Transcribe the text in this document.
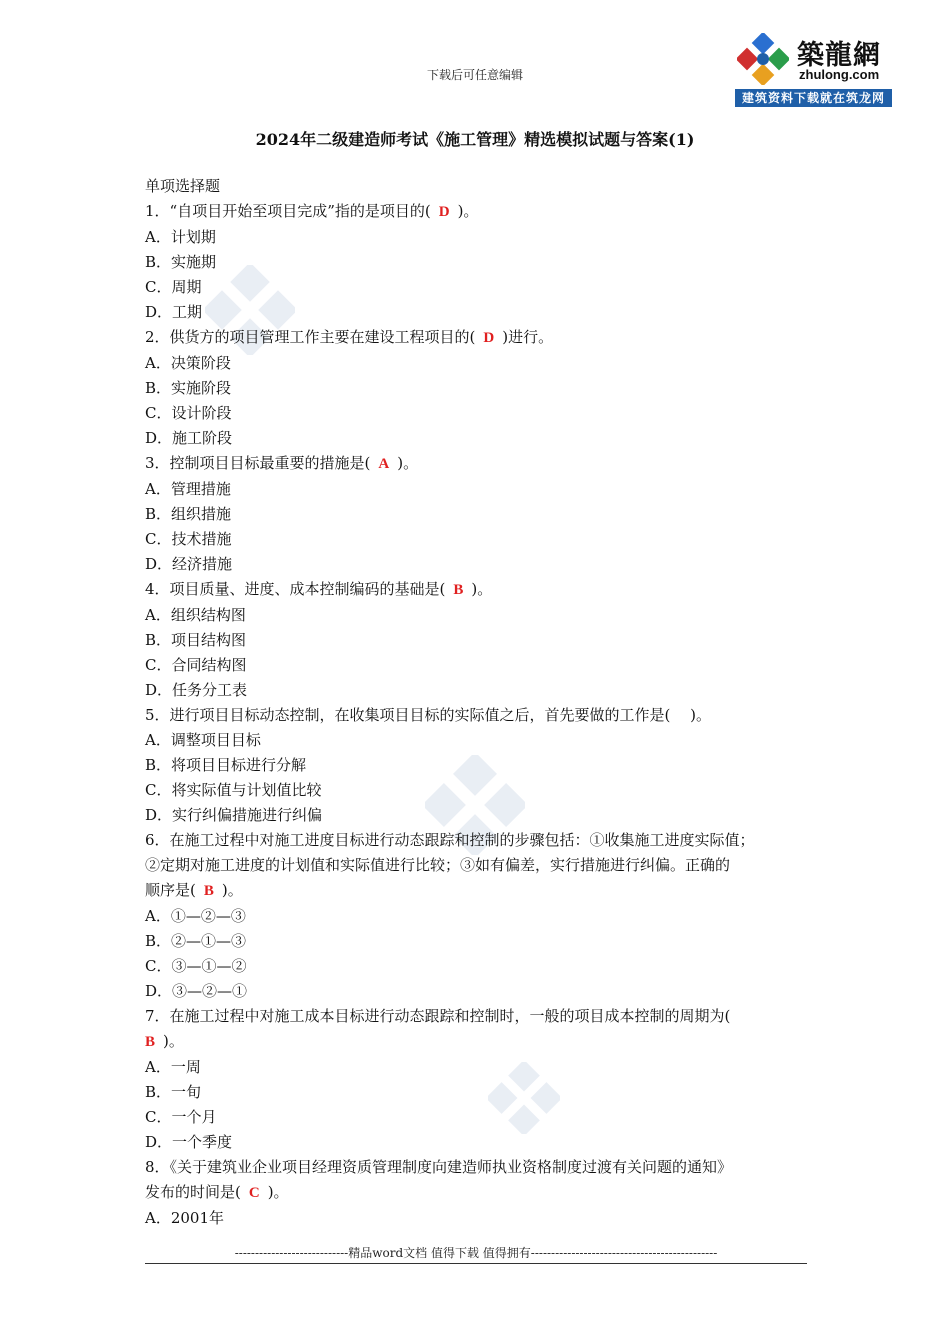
下载后可任意编辑
築龍網
zhulong.com
建筑资料下载就在筑龙网
2024年二级建造师考试《施工管理》精选模拟试题与答案(1)
单项选择题
1．“自项目开始至项目完成”指的是项目的( D )。
A．计划期
B．实施期
C．周期
D．工期
2．供货方的项目管理工作主要在建设工程项目的( D )进行。
A．决策阶段
B．实施阶段
C．设计阶段
D．施工阶段
3．控制项目目标最重要的措施是( A )。
A．管理措施
B．组织措施
C．技术措施
D．经济措施
4．项目质量、进度、成本控制编码的基础是( B )。
A．组织结构图
B．项目结构图
C．合同结构图
D．任务分工表
5．进行项目目标动态控制，在收集项目目标的实际值之后，首先要做的工作是(　 )。
A．调整项目目标
B．将项目目标进行分解
C．将实际值与计划值比较
D．实行纠偏措施进行纠偏
6．在施工过程中对施工进度目标进行动态跟踪和控制的步骤包括：①收集施工进度实际值；
②定期对施工进度的计划值和实际值进行比较；③如有偏差，实行措施进行纠偏。正确的
顺序是( B )。
A．①—②—③
B．②—①—③
C．③—①—②
D．③—②—①
7．在施工过程中对施工成本目标进行动态跟踪和控制时，一般的项目成本控制的周期为(
B )。
A．一周
B．一旬
C．一个月
D．一个季度
8．《关于建筑业企业项目经理资质管理制度向建造师执业资格制度过渡有关问题的通知》
发布的时间是( C )。
A．2001年
----------------------------精品word文档 值得下载 值得拥有----------------------------------------------
